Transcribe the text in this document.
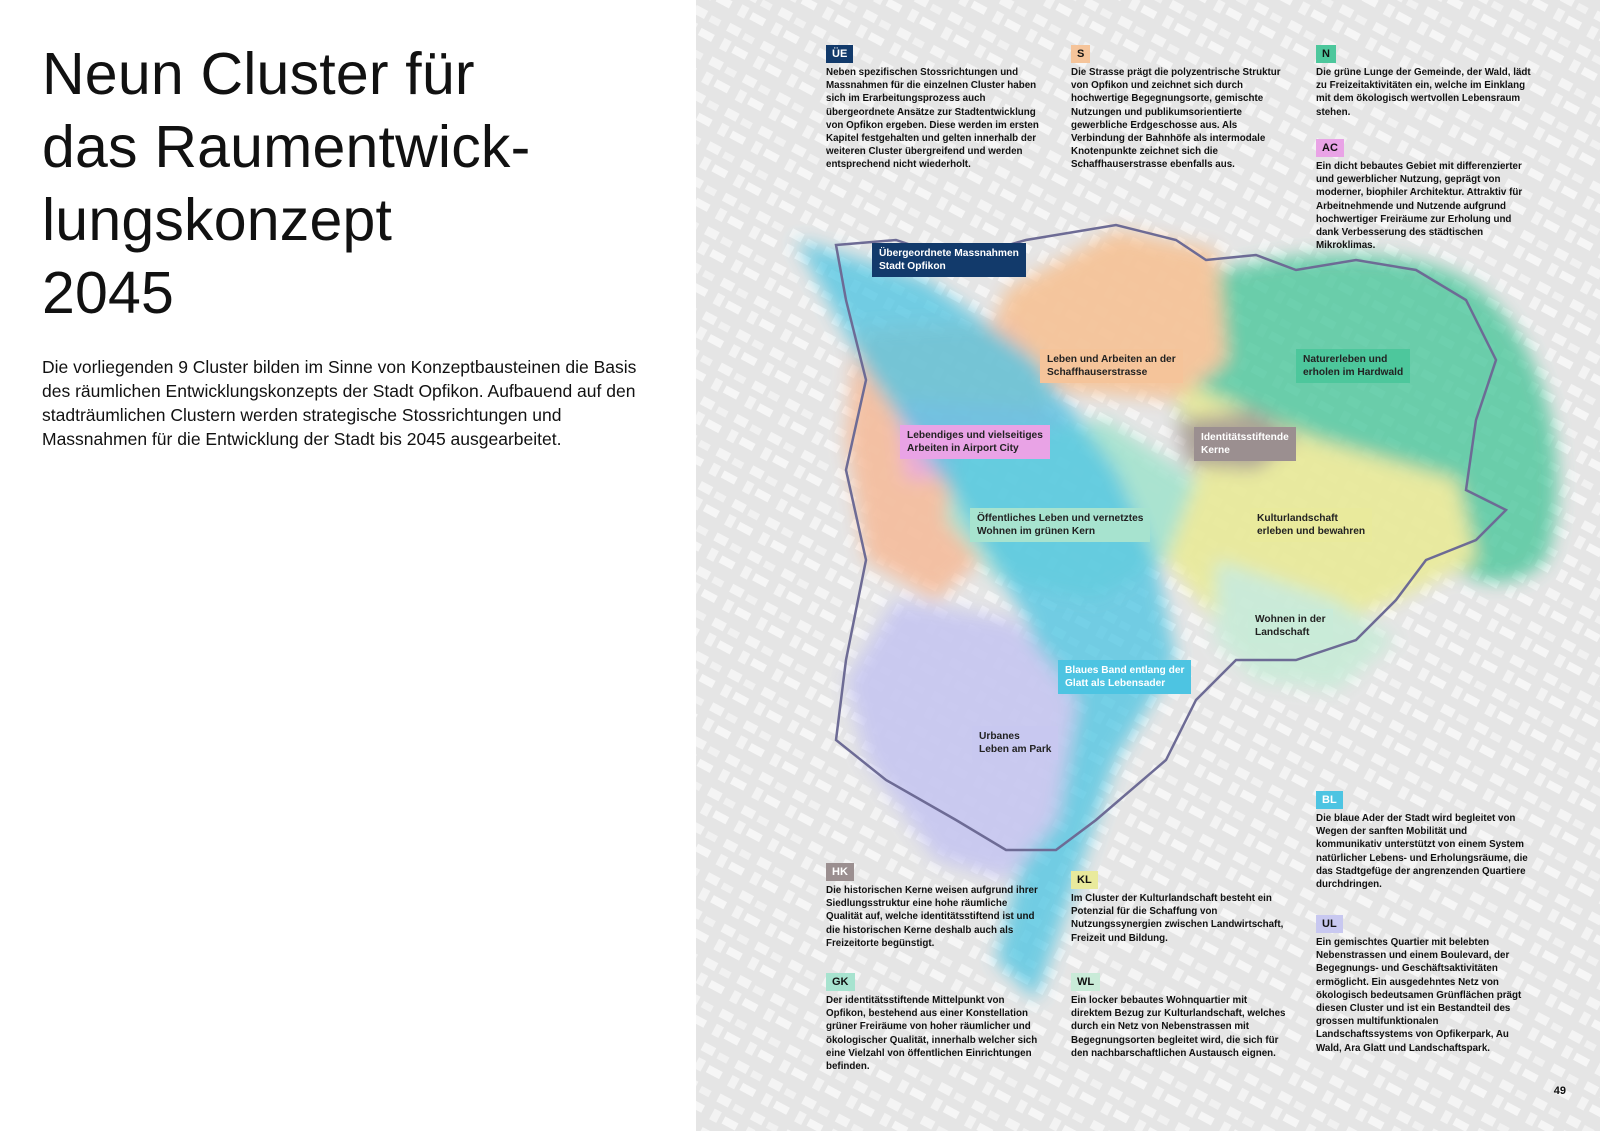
Neun Cluster für
das Raumentwick-
lungskonzept
2045

Die vorliegenden 9 Cluster bilden im Sinne von Konzeptbausteinen die Basis des räumlichen Entwicklungskonzepts der Stadt Opfikon. Aufbauend auf den stadträumlichen Clustern werden strategische Stossrichtungen und Massnahmen für die Entwicklung der Stadt bis 2045 ausgearbeitet.

Übergeordnete Massnahmen
Stadt Opfikon
Leben und Arbeiten an der
Schaffhauserstrasse
Naturerleben und
erholen im Hardwald
Lebendiges und vielseitiges
Arbeiten in Airport City
Identitätsstiftende
Kerne
Öffentliches Leben und vernetztes
Wohnen im grünen Kern
Kulturlandschaft
erleben und bewahren
Wohnen in der
Landschaft
Blaues Band entlang der
Glatt als Lebensader
Urbanes
Leben am Park
ÜE

Neben spezifischen Stossrichtungen und Massnahmen für die einzelnen Cluster haben sich im Erarbeitungsprozess auch übergeordnete Ansätze zur Stadtentwicklung von Opfikon ergeben. Diese werden im ersten Kapitel festgehalten und gelten innerhalb der weiteren Cluster übergreifend und werden entsprechend nicht wiederholt.

S

Die Strasse prägt die polyzentrische Struktur von Opfikon und zeichnet sich durch hochwertige Begegnungsorte, gemischte Nutzungen und publikumsorientierte gewerbliche Erdgeschosse aus. Als Verbindung der Bahnhöfe als intermodale Knotenpunkte zeichnet sich die Schaffhauserstrasse ebenfalls aus.

N

Die grüne Lunge der Gemeinde, der Wald, lädt zu Freizeitaktivitäten ein, welche im Einklang mit dem ökologisch wertvollen Lebensraum stehen.

AC

Ein dicht bebautes Gebiet mit differenzierter und gewerblicher Nutzung, geprägt von moderner, biophiler Architektur. Attraktiv für Arbeitnehmende und Nutzende aufgrund hochwertiger Freiräume zur Erholung und dank Verbesserung des städtischen Mikroklimas.

BL

Die blaue Ader der Stadt wird begleitet von Wegen der sanften Mobilität und kommunikativ unterstützt von einem System natürlicher Lebens- und Erholungsräume, die das Stadtgefüge der angrenzenden Quartiere durchdringen.

UL

Ein gemischtes Quartier mit belebten Nebenstrassen und einem Boulevard, der Begegnungs- und Geschäftsaktivitäten ermöglicht. Ein ausgedehntes Netz von ökologisch bedeutsamen Grünflächen prägt diesen Cluster und ist ein Bestandteil des grossen multifunktionalen Landschaftssystems von Opfikerpark, Au Wald, Ara Glatt und Landschaftspark.

HK

Die historischen Kerne weisen aufgrund ihrer Siedlungsstruktur eine hohe räumliche Qualität auf, welche identitätsstiftend ist und die historischen Kerne deshalb auch als Freizeitorte begünstigt.

KL

Im Cluster der Kulturlandschaft besteht ein Potenzial für die Schaffung von Nutzungssynergien zwischen Landwirtschaft, Freizeit und Bildung.

GK

Der identitätsstiftende Mittelpunkt von Opfikon, bestehend aus einer Konstellation grüner Freiräume von hoher räumlicher und ökologischer Qualität, innerhalb welcher sich eine Vielzahl von öffentlichen Einrichtungen befinden.

WL

Ein locker bebautes Wohnquartier mit direktem Bezug zur Kulturlandschaft, welches durch ein Netz von Nebenstrassen mit Begegnungsorten begleitet wird, die sich für den nachbarschaftlichen Austausch eignen.

49
